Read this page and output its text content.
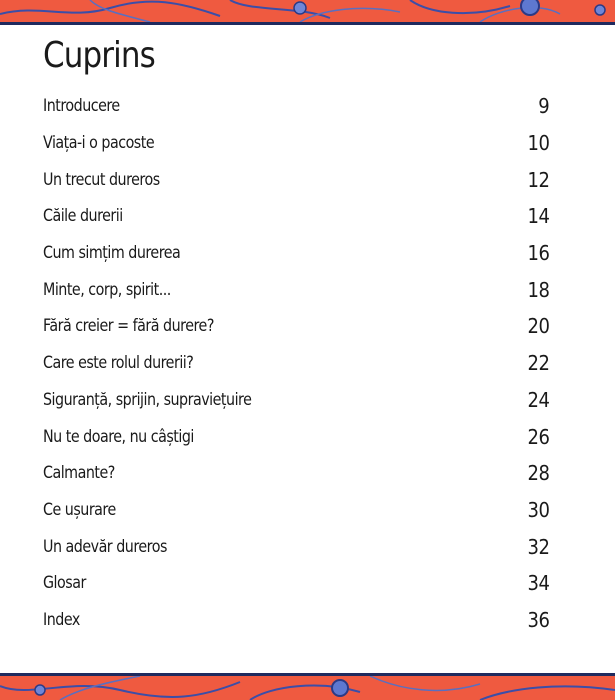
Cuprins
Introducere	9
Viața-i o pacoste	10
Un trecut dureros	12
Căile durerii	14
Cum simțim durerea	16
Minte, corp, spirit...	18
Fără creier = fără durere?	20
Care este rolul durerii?	22
Siguranță, sprijin, supraviețuire	24
Nu te doare, nu câștigi	26
Calmante?	28
Ce ușurare	30
Un adevăr dureros	32
Glosar	34
Index	36
